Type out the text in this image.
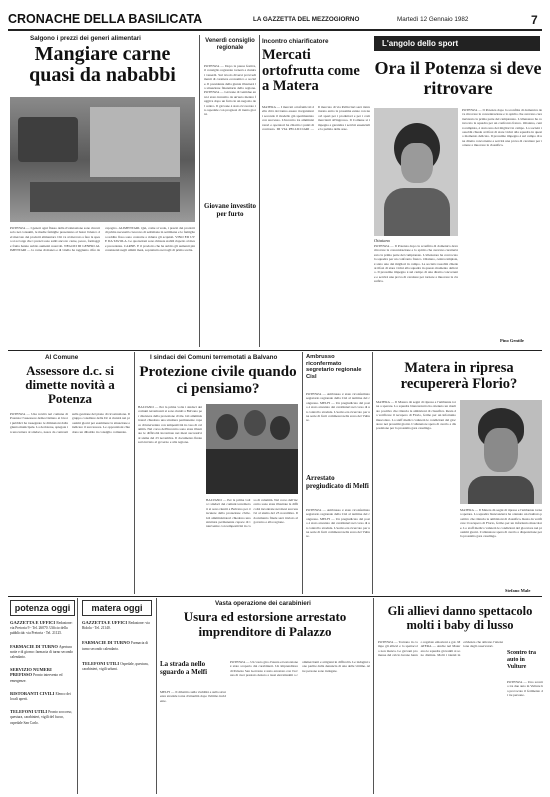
CRONACHE DELLA BASILICATA	LA GAZZETTA DEL MEZZOGIORNO	Martedì 12 Gennaio 1982	7
Salgono i prezzi dei generi alimentari
Mangiare carne quasi da nababbi
POTENZA — I generi ogni flusso della rivalutazione sono rincari solo nei consumi, le medie famiglie presentano al bazar l'elenco del mercato dei prodotti alimentari. Chi va al mercato a fare la spesa si accorge che i prezzi sono saliti ancora: carne, pesce, formaggi e frutta hanno subito aumenti notevoli. NEGOZI DI GENERI ALIMENTARI — la carne di manzo e di vitello ha raggiunto cifre da capogiro. ALIMENTARI. Qui, come si vede, i prezzi dei prodotti di prima necessità crescono di settimana in settimana e le famiglie a reddito fisso sono costrette a ridurre gli acquisti. VINO ED UVE DA TAVOLA. Le quotazioni sono rimaste stabili rispetto al mese precedente. CARNE. E il prodotto che ha subito gli aumenti più consistenti negli ultimi mesi, soprattutto nei tagli di prima scelta.
Venerdì consiglio regionale
POTENZA — Dopo la pausa festiva, il consiglio regionale tornerà a riunirsi venerdì. Sul tavolo diversi provvedimenti di carattere economico e sociale. Il presidente della giunta illustrerà la situazione finanziaria della regione. POTENZA — Giovane di ventidue anni è stato investito da un'auto mentre fuggiva dopo un furto in un negozio del centro. Il giovane è stato ricoverato in ospedale con prognosi di trenta giorni.
Giovane investito per furto
Incontro chiarificatore
Mercati ortofrutta come a Matera
MATERA — I mercati ortofrutticoli della città dovranno essere riorganizzati secondo il modello già sperimentato con successo. L'incontro tra amministratori e operatori ha chiarito i punti di contrasto. DI VIA PELLICCIARI — Il mercato di via Pellicciari sarà ristrutturato entro la prossima estate con nuovi spazi per i produttori e per i commercianti all'ingrosso. Il Comune si impegna a garantire i servizi essenziali e la pulizia delle aree.
L'angolo dello sport
Ora il Potenza si deve ritrovare
Ottaiano
POTENZA — Il Potenza dopo la sconfitta di domenica deve ritrovare la concentrazione e lo spirito che avevano caratterizzato la prima parte del campionato. L'allenatore ha convocato la squadra per un confronto franco. Ottaiano, centrocampista, è stato uno dei migliori in campo. La società rossoblù chiede ai tifosi di stare vicini alla squadra in questo momento delicato. Il prossimo impegno è sul campo di una diretta concorrente e servirà una prova di carattere per tornare a muovere la classifica.
POTENZA — Il Potenza dopo la sconfitta di domenica deve ritrovare la concentrazione e lo spirito che avevano caratterizzato la prima parte del campionato. L'allenatore ha convocato la squadra per un confronto franco. Ottaiano, centrocampista, è stato uno dei migliori in campo. La società rossoblù chiede ai tifosi di stare vicini alla squadra in questo momento delicato. Il prossimo impegno è sul campo di una diretta concorrente e servirà una prova di carattere per tornare a muovere la classifica.
Pino Gentile
Al Comune
Assessore d.c. si dimette novità a Potenza
POTENZA — Una novità nel comune di Potenza: l'assessore democristiano ai lavori pubblici ha rassegnato le dimissioni dalla giunta municipale. La decisione, spiegata in una lettera al sindaco, nasce da contrasti sulla gestione del piano di ricostruzione. Il gruppo consiliare della Dc si riunirà nei prossimi giorni per esaminare la situazione e indicare il successore. Le opposizioni chiedono un dibattito in consiglio comunale.
I sindaci dei Comuni terremotati a Balvano
Protezione civile quando ci pensiamo?
BALVANO — Per la prima volta i sindaci dei comuni terremotati si sono riuniti a Balvano per discutere della protezione civile. Gli amministratori chiedono una struttura permanente capace di intervenire con tempestività in caso di calamità. Nel corso dell'incontro sono state illustrate le difficoltà incontrate nei mesi successivi al sisma del 23 novembre. Il documento finale sarà inviato al governo e alla regione.
BALVANO — Per la prima volta i sindaci dei comuni terremotati si sono riuniti a Balvano per discutere della protezione civile. Gli amministratori chiedono una struttura permanente capace di intervenire con tempestività in caso di calamità. Nel corso dell'incontro sono state illustrate le difficoltà incontrate nei mesi successivi al sisma del 23 novembre. Il documento finale sarà inviato al governo e alla regione.
Ambrusso riconfermato segretario regionale Cisl
POTENZA — Ambrusso è stato riconfermato segretario regionale della Cisl al termine del congresso. MELFI — Un pregiudicato del posto è stato arrestato dai carabinieri nel corso di un controllo stradale. L'uomo era ricercato per una serie di furti commessi nella zona del Vulture.
Arrestato pregiudicato di Melfi
POTENZA — Ambrusso è stato riconfermato segretario regionale della Cisl al termine del congresso. MELFI — Un pregiudicato del posto è stato arrestato dai carabinieri nel corso di un controllo stradale. L'uomo era ricercato per una serie di furti commessi nella zona del Vulture.
Matera in ripresa recupererà Florio?
MATERA — Il Matera dà segni di ripresa e l'ambiente torna a sperare. La squadra biancazzurra ha ottenuto un risultato positivo che rilancia le ambizioni di classifica. Resta da verificare il recupero di Florio, fermo per un infortunio muscolare. Lo staff medico valuterà le condizioni del giocatore nei prossimi giorni. L'allenatore spera di averlo a disposizione per la prossima gara casalinga.
MATERA — Il Matera dà segni di ripresa e l'ambiente torna a sperare. La squadra biancazzurra ha ottenuto un risultato positivo che rilancia le ambizioni di classifica. Resta da verificare il recupero di Florio, fermo per un infortunio muscolare. Lo staff medico valuterà le condizioni del giocatore nei prossimi giorni. L'allenatore spera di averlo a disposizione per la prossima gara casalinga.
Stefano Male
potenza oggi
GAZZETTA E UFFICI Redazione: via Pretoria 9 - Tel. 26070. Ufficio della pubblicità: via Pretoria - Tel. 21125.
FARMACIE DI TURNO Apertura notte e di giorno: farmacia di turno secondo calendario.
SERVIZIO NUMERI PREFISSO Pronto intervento ed emergenze.
RISTORANTI CIVILI Elenco dei locali aperti.
TELEFONI UTILI Pronto soccorso, questura, carabinieri, vigili del fuoco, ospedale San Carlo.
matera oggi
GAZZETTA E UFFICI Redazione: via Ridola - Tel. 21140.
FARMACIE DI TURNO Farmacia di turno secondo calendario.
TELEFONI UTILI Ospedale, questura, carabinieri, vigili urbani.
Vasta operazione dei carabinieri
Usura ed estorsione arrestato imprenditore di Palazzo
POTENZA — Un vasto giro d'usura ed estorsione è stato scoperto dai carabinieri. Un imprenditore di Palazzo San Gervasio è stato arrestato con l'accusa di aver prestato denaro a tassi elevatissimi a commercianti e artigiani in difficoltà. Le indagini sono partite dalla denuncia di una delle vittime. Altre persone sono indagate.
La strada nello sguardo a Melfi
MELFI — Il dibattito sulla viabilità e sulla sicurezza stradale torna d'attualità dopo l'ultimo incidente.
Gli allievi danno spettacolo molti i baby di lusso
POTENZA — Tornano in campo gli allievi e lo spettacolo non manca. Le giovani promesse del calcio lucano hanno regalato emozioni e gol. MATERA — Anche nel Materano le squadre giovanili si sono distinte. Molti i talenti in evidenza che attirano l'attenzione degli osservatori.
Scontro tra auto in Vulture
POTENZA — Uno scontro tra due auto in Vulture ha provocato il ferimento di tre persone.
